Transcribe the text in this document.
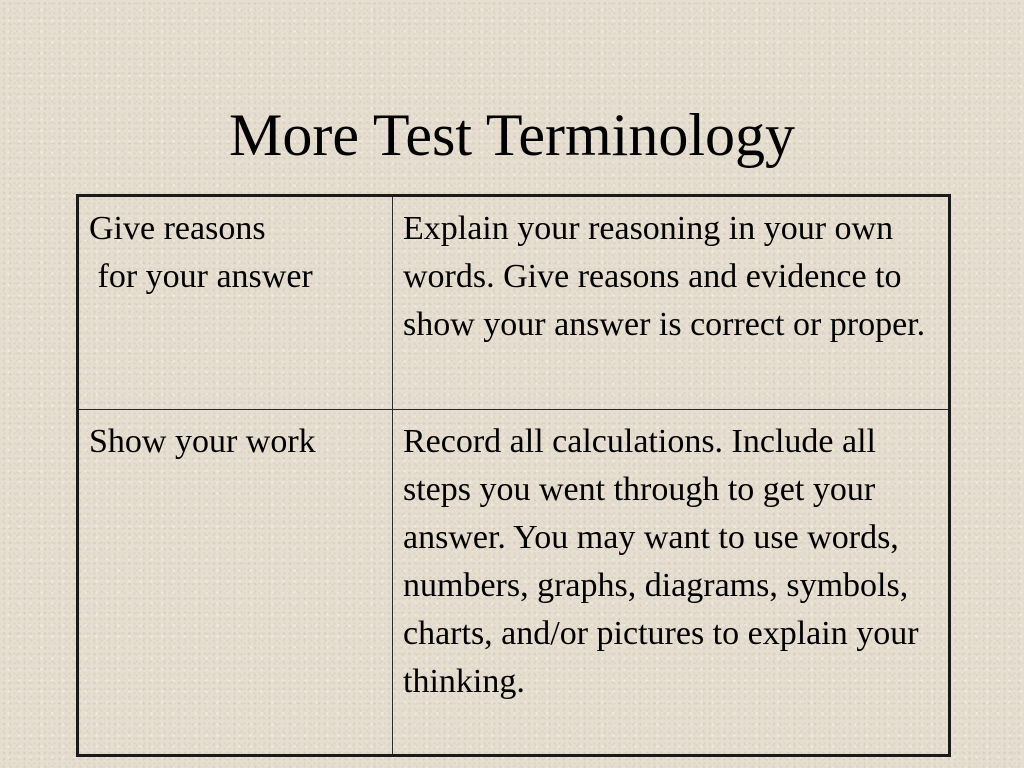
More Test Terminology
Give reasons
for your answer	Explain your reasoning in your own words. Give reasons and evidence to show your answer is correct or proper.

Show your work	Record all calculations. Include all steps you went through to get your answer. You may want to use words, numbers, graphs, diagrams, symbols, charts, and/or pictures to explain your thinking.
